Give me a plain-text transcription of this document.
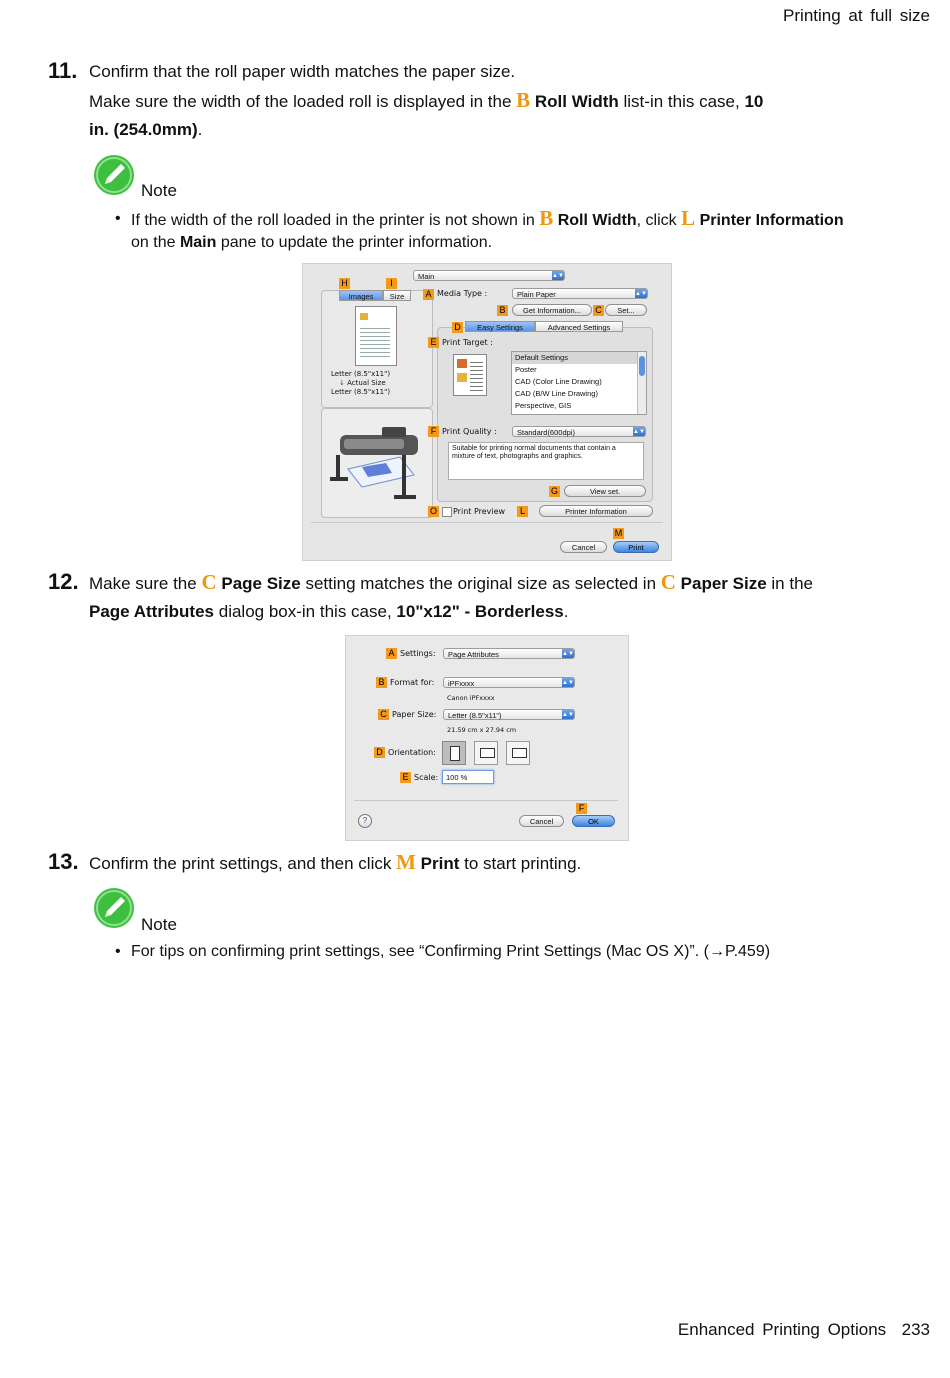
Printing at full size
11. Confirm that the roll paper width matches the paper size.
Make sure the width of the loaded roll is displayed in the B Roll Width list-in this case, 10
in. (254.0mm).
Note
• If the width of the roll loaded in the printer is not shown in B Roll Width, click L Printer Information
on the Main pane to update the printer information.
Main	▲▼
H	I
Images	Size
Letter (8.5"x11")
↓ Actual Size
Letter (8.5"x11")
A Media Type :	Plain Paper	▲▼
B	Get Information...	C	Set...
D	Easy Settings	Advanced Settings
E Print Target :
Default Settings
Poster
CAD (Color Line Drawing)
CAD (B/W Line Drawing)
Perspective, GIS
F Print Quality :	Standard(600dpi)	▲▼
Suitable for printing normal documents that contain a mixture of text, photographs and graphics.
G	View set.
O Print Preview	L	Printer Information
M
Cancel	Print
12. Make sure the C Page Size setting matches the original size as selected in C Paper Size in the
Page Attributes dialog box-in this case, 10"x12" - Borderless.
A Settings:	Page Attributes	▲▼
B Format for:	iPFxxxx	▲▼
Canon iPFxxxx
C Paper Size:	Letter (8.5"x11")	▲▼
21.59 cm x 27.94 cm
D Orientation:
E Scale:	100 %
?
F
Cancel	OK
13. Confirm the print settings, and then click M Print to start printing.
Note
• For tips on confirming print settings, see “Confirming Print Settings (Mac OS X)”. (→P.459)
Enhanced Printing Options 233
